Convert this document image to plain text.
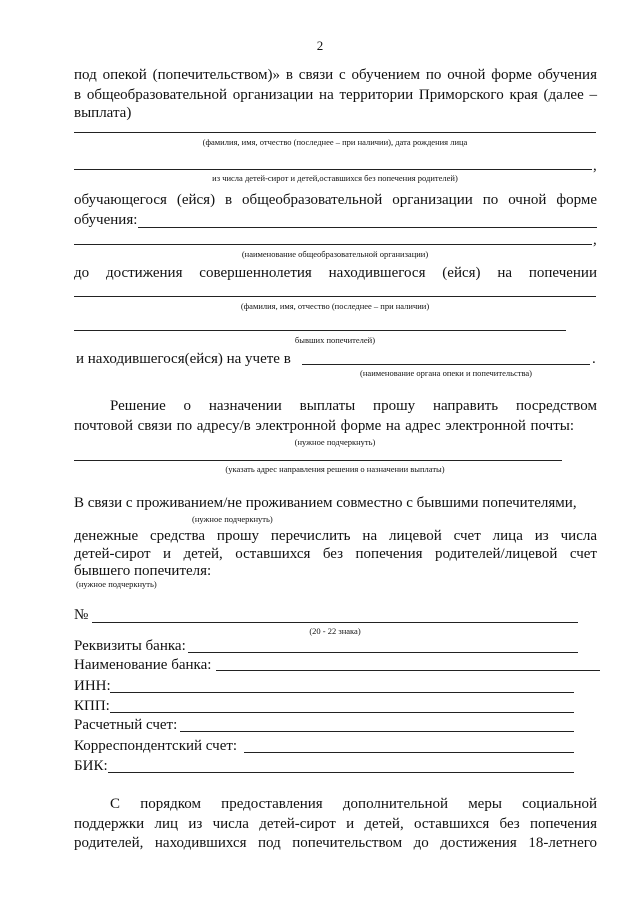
2
под опекой (попечительством)» в связи с обучением по очной форме обучения
в общеобразовательной организации на территории Приморского края (далее –
выплата)
(фамилия, имя, отчество (последнее – при наличии), дата рождения лица
,
из числа детей-сирот и детей,оставшихся без попечения родителей)
обучающегося (ейся) в общеобразовательной организации по очной форме
обучения:
,
(наименование общеобразовательной организации)
до достижения совершеннолетия находившегося (ейся) на попечении
(фамилия, имя, отчество (последнее – при наличии)
бывших попечителей)
и находившегося(ейся) на учете в	.
(наименование органа опеки и попечительства)
Решение о назначении выплаты прошу направить посредством
почтовой связи по адресу/в электронной форме на адрес электронной почты:
(нужное подчеркнуть)
(указать адрес направления решения о назначении выплаты)
В связи с проживанием/не проживанием совместно с бывшими попечителями,
(нужное подчеркнуть)
денежные средства прошу перечислить на лицевой счет лица из числа
детей-сирот и детей, оставшихся без попечения родителей/лицевой счет
бывшего попечителя:
(нужное подчеркнуть)
№
(20 - 22 знака)
Реквизиты банка:
Наименование банка:
ИНН:
КПП:
Расчетный счет:
Корреспондентский счет:
БИК:
С порядком предоставления дополнительной меры социальной
поддержки лиц из числа детей-сирот и детей, оставшихся без попечения
родителей, находившихся под попечительством до достижения 18-летнего
